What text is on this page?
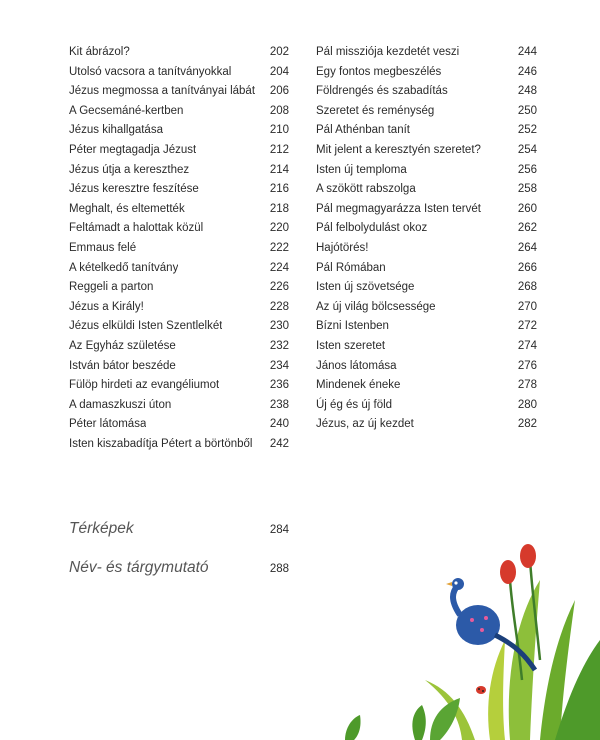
Kit ábrázol?	202
Utolsó vacsora a tanítványokkal	204
Jézus megmossa a tanítványai lábát 206
A Gecsemáné-kertben	208
Jézus kihallgatása	210
Péter megtagadja Jézust	212
Jézus útja a kereszthez	214
Jézus keresztre feszítése	216
Meghalt, és eltemették	218
Feltámadt a halottak közül	220
Emmaus felé	222
A kételkedő tanítvány	224
Reggeli a parton	226
Jézus a Király!	228
Jézus elküldi Isten Szentlelkét	230
Az Egyház születése	232
István bátor beszéde	234
Fülöp hirdeti az evangéliumot	236
A damaszkuszi úton	238
Péter látomása	240
Isten kiszabadítja Pétert a börtönből 242
Pál missziója kezdetét veszi	244
Egy fontos megbeszélés	246
Földrengés és szabadítás	248
Szeretet és reménység	250
Pál Athénban tanít	252
Mit jelent a keresztyén szeretet?	254
Isten új temploma	256
A szökött rabszolga	258
Pál megmagyarázza Isten tervét	260
Pál felbolydulást okoz	262
Hajótörés!	264
Pál Rómában	266
Isten új szövetsége	268
Az új világ bölcsessége	270
Bízni Istenben	272
Isten szeretet	274
János látomása	276
Mindenek éneke	278
Új ég és új föld	280
Jézus, az új kezdet	282
Térképek	284
Név- és tárgymutató	288
